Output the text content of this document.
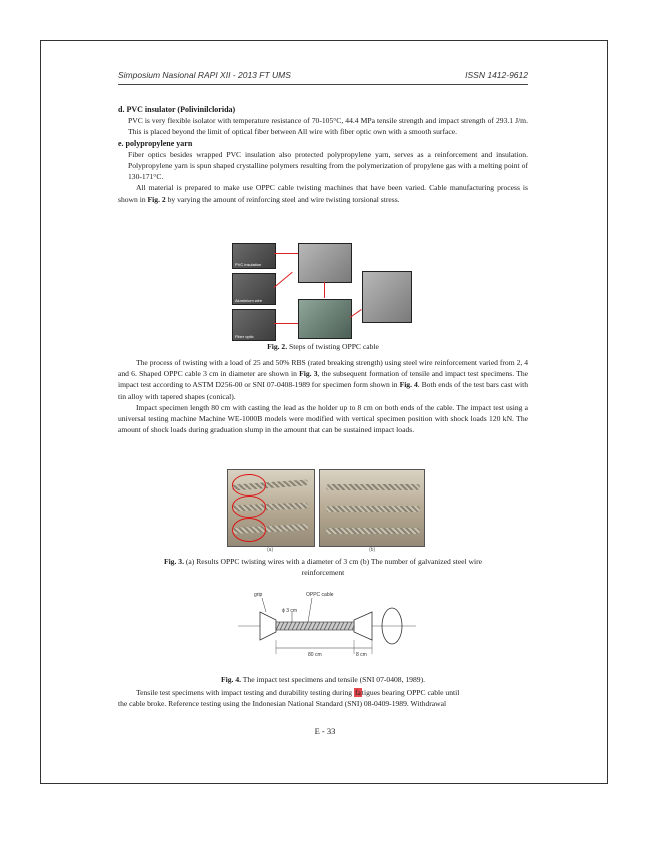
Simposium Nasional RAPI XII - 2013 FT UMS	ISSN 1412-9612

d. PVC insulator (Polivinilclorida)

PVC is very flexible isolator with temperature resistance of 70-105°C, 44.4 MPa tensile strength and impact strength of 293.1 J/m. This is placed beyond the limit of optical fiber between All wire with fiber optic own with a smooth surface.

e. polypropylene yarn

Fiber optics besides wrapped PVC insulation also protected polypropylene yarn, serves as a reinforcement and insulation. Polypropylene yarn is spun shaped crystalline polymers resulting from the polymerization of propylene gas with a melting point of 130-171°C.

All material is prepared to make use OPPC cable twisting machines that have been varied. Cable manufacturing process is shown in Fig. 2 by varying the amount of reinforcing steel and wire twisting torsional stress.

PVC insulation
Aluminium wire
Fiber optic
Fig. 2. Steps of twisting OPPC cable

The process of twisting with a load of 25 and 50% RBS (rated breaking strength) using steel wire reinforcement varied from 2, 4 and 6. Shaped OPPC cable 3 cm in diameter are shown in Fig. 3, the subsequent formation of tensile and impact test specimens. The impact test according to ASTM D256-00 or SNI 07-0408-1989 for specimen form shown in Fig. 4. Both ends of the test bars cast with tin alloy with tapered shapes (conical).

Impact specimen length 80 cm with casting the lead as the holder up to 8 cm on both ends of the cable. The impact test using a universal testing machine Machine WE-1000B models were modified with vertical specimen position with shock loads 120 kN. The amount of shock loads during graduation slump in the amount that can be sustained impact loads.

(a)	(b)
Fig. 3. (a) Results OPPC twisting wires with a diameter of 3 cm (b) The number of galvanized steel wire
reinforcement
grip	OPPC cable
ϕ 3 cm
80 cm	8 cm
Fig. 4. The impact test specimens and tensile (SNI 07-0408, 1989).

Tensile test specimens with impact testing and durability testing during fatigues bearing OPPC cable until

the cable broke. Reference testing using the Indonesian National Standard (SNI) 08-0409-1989. Withdrawal

E - 33
